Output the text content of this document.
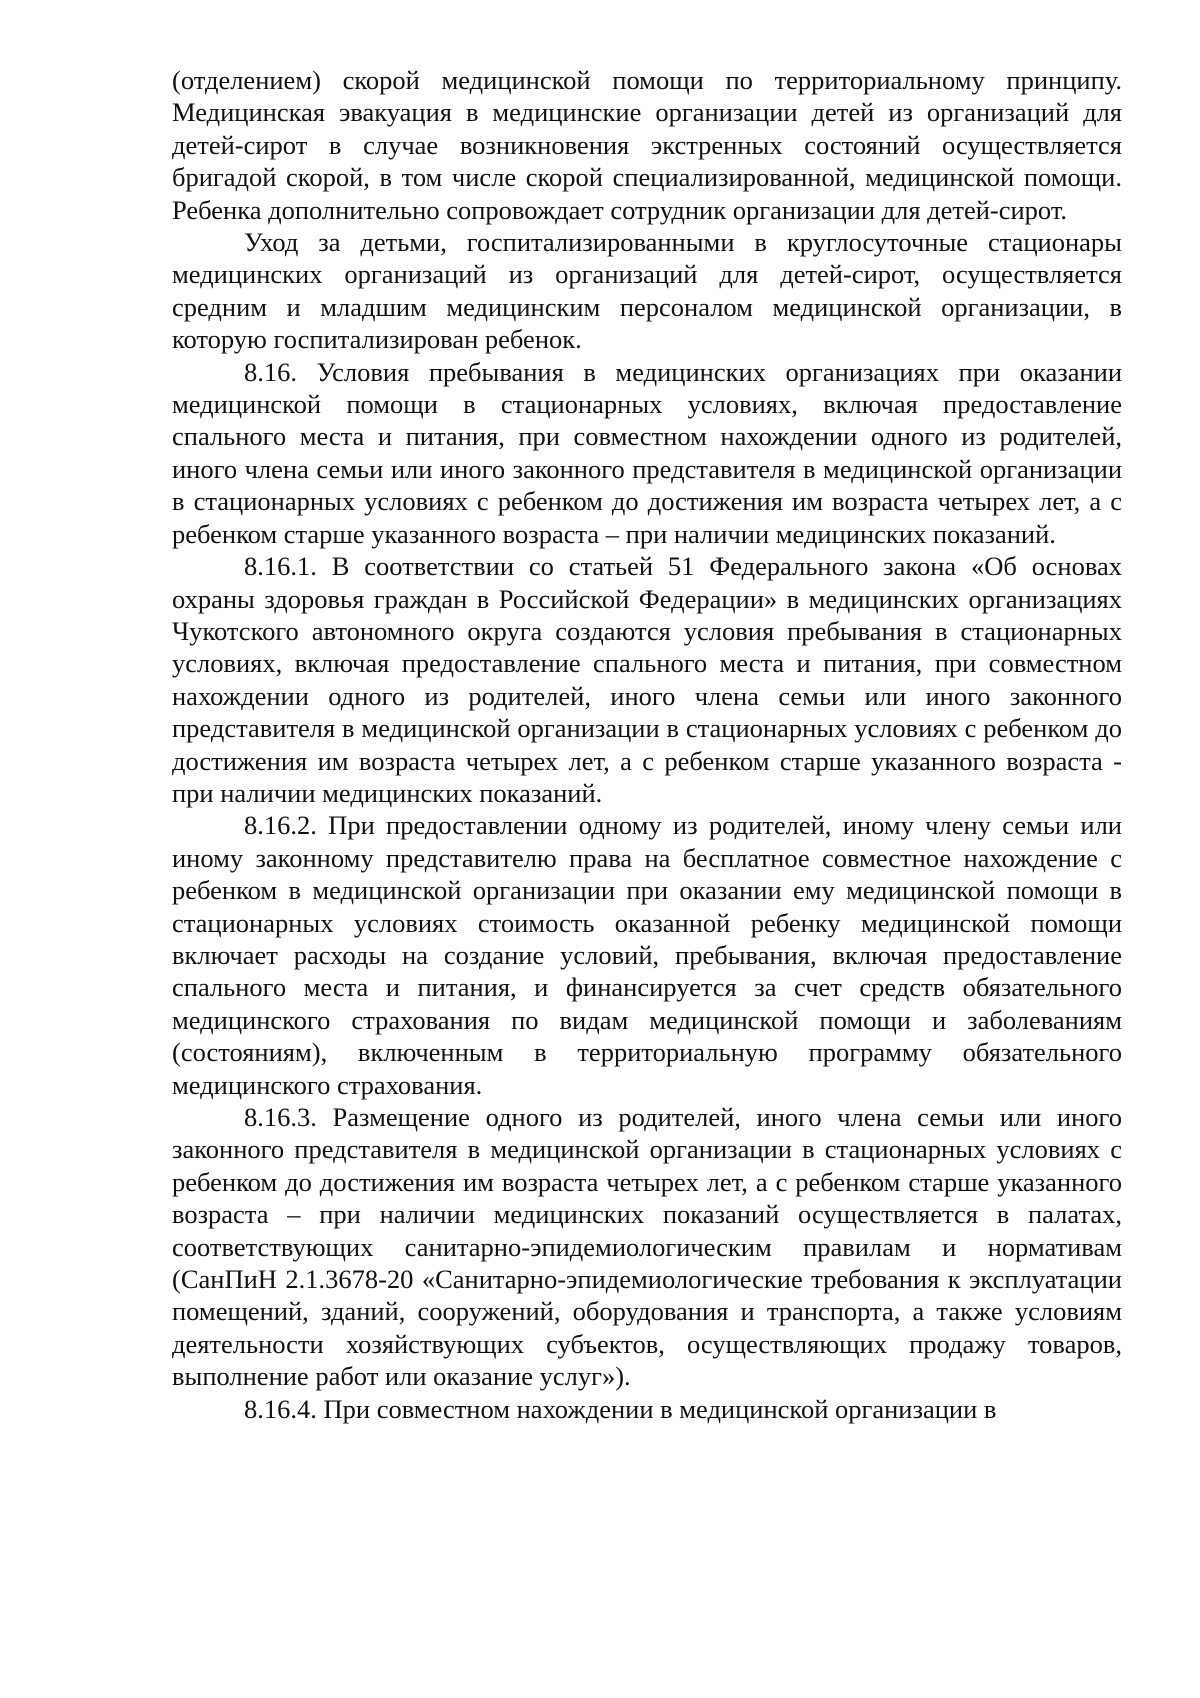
(отделением) скорой медицинской помощи по территориальному принципу. Медицинская эвакуация в медицинские организации детей из организаций для детей-сирот в случае возникновения экстренных состояний осуществляется бригадой скорой, в том числе скорой специализированной, медицинской помощи. Ребенка дополнительно сопровождает сотрудник организации для детей-сирот.

Уход за детьми, госпитализированными в круглосуточные стационары медицинских организаций из организаций для детей-сирот, осуществляется средним и младшим медицинским персоналом медицинской организации, в которую госпитализирован ребенок.

8.16. Условия пребывания в медицинских организациях при оказании медицинской помощи в стационарных условиях, включая предоставление спального места и питания, при совместном нахождении одного из родителей, иного члена семьи или иного законного представителя в медицинской организации в стационарных условиях с ребенком до достижения им возраста четырех лет, а с ребенком старше указанного возраста – при наличии медицинских показаний.

8.16.1. В соответствии со статьей 51 Федерального закона «Об основах охраны здоровья граждан в Российской Федерации» в медицинских организациях Чукотского автономного округа создаются условия пребывания в стационарных условиях, включая предоставление спального места и питания, при совместном нахождении одного из родителей, иного члена семьи или иного законного представителя в медицинской организации в стационарных условиях с ребенком до достижения им возраста четырех лет, а с ребенком старше указанного возраста - при наличии медицинских показаний.

8.16.2. При предоставлении одному из родителей, иному члену семьи или иному законному представителю права на бесплатное совместное нахождение с ребенком в медицинской организации при оказании ему медицинской помощи в стационарных условиях стоимость оказанной ребенку медицинской помощи включает расходы на создание условий, пребывания, включая предоставление спального места и питания, и финансируется за счет средств обязательного медицинского страхования по видам медицинской помощи и заболеваниям (состояниям), включенным в территориальную программу обязательного медицинского страхования.

8.16.3. Размещение одного из родителей, иного члена семьи или иного законного представителя в медицинской организации в стационарных условиях с ребенком до достижения им возраста четырех лет, а с ребенком старше указанного возраста – при наличии медицинских показаний осуществляется в палатах, соответствующих санитарно-эпидемиологическим правилам и нормативам (СанПиН 2.1.3678-20 «Санитарно-эпидемиологические требования к эксплуатации помещений, зданий, сооружений, оборудования и транспорта, а также условиям деятельности хозяйствующих субъектов, осуществляющих продажу товаров, выполнение работ или оказание услуг»).

8.16.4. При совместном нахождении в медицинской организации в
